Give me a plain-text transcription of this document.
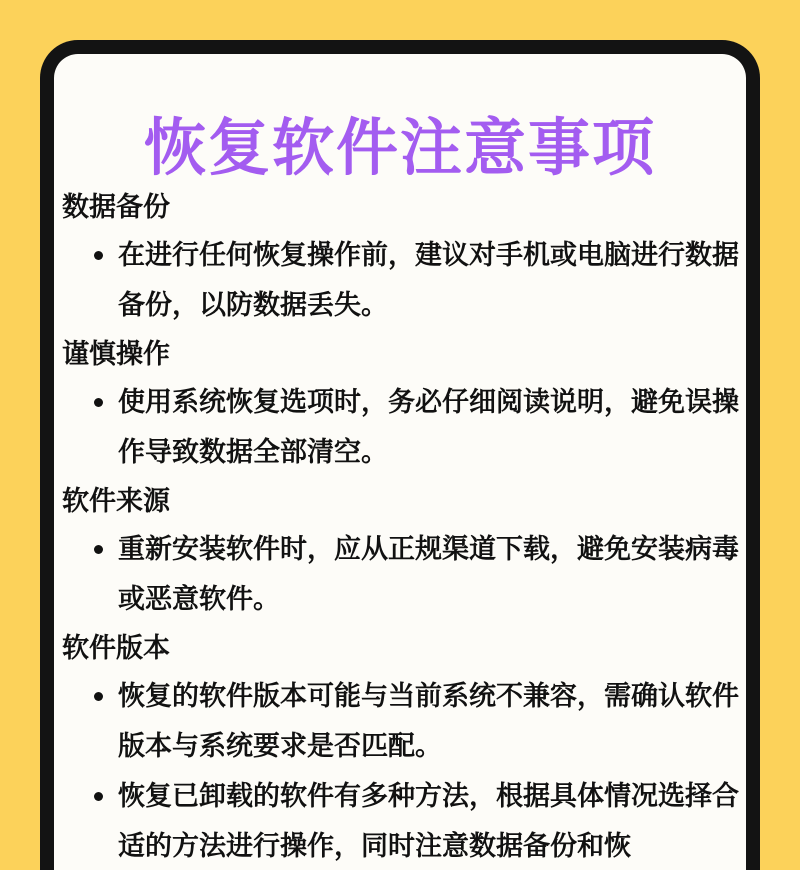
恢复软件注意事项
数据备份
在进行任何恢复操作前，建议对手机或电脑进行数据备份，以防数据丢失。
谨慎操作
使用系统恢复选项时，务必仔细阅读说明，避免误操作导致数据全部清空。
软件来源
重新安装软件时，应从正规渠道下载，避免安装病毒或恶意软件。
软件版本
恢复的软件版本可能与当前系统不兼容，需确认软件版本与系统要求是否匹配。
恢复已卸载的软件有多种方法，根据具体情况选择合适的方法进行操作，同时注意数据备份和恢
